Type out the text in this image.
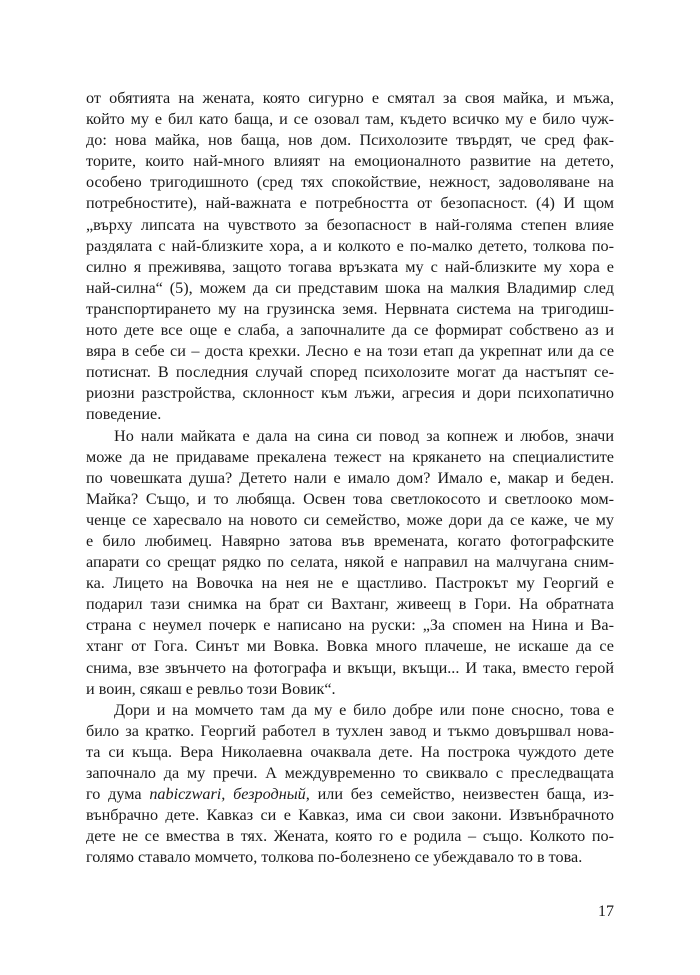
от обятията на жената, която сигурно е смятал за своя майка, и мъжа,
който му е бил като баща, и се озовал там, където всичко му е било чуж-
до: нова майка, нов баща, нов дом. Психолозите твърдят, че сред фак-
торите, които най-много влияят на емоционалното развитие на детето,
особено тригодишното (сред тях спокойствие, нежност, задоволяване на
потребностите), най-важната е потребността от безопасност. (4) И щом
„върху липсата на чувството за безопасност в най-голяма степен влияе
раздялата с най-близките хора, а и колкото е по-малко детето, толкова по-
силно я преживява, защото тогава връзката му с най-близките му хора е
най-силна“ (5), можем да си представим шока на малкия Владимир след
транспортирането му на грузинска земя. Нервната система на тригодиш-
ното дете все още е слаба, а започналите да се формират собствено аз и
вяра в себе си – доста крехки. Лесно е на този етап да укрепнат или да се
потиснат. В последния случай според психолозите могат да настъпят се-
риозни разстройства, склонност към лъжи, агресия и дори психопатично
поведение.
Но нали майката е дала на сина си повод за копнеж и любов, значи
може да не придаваме прекалена тежест на крякането на специалистите
по човешката душа? Детето нали е имало дом? Имало е, макар и беден.
Майка? Също, и то любяща. Освен това светлокосото и светлооко мом-
ченце се харесвало на новото си семейство, може дори да се каже, че му
е било любимец. Навярно затова във времената, когато фотографските
апарати со срещат рядко по селата, някой е направил на малчугана сним-
ка. Лицето на Вовочка на нея не е щастливо. Пастрокът му Георгий е
подарил тази снимка на брат си Вахтанг, живеещ в Гори. На обратната
страна с неумел почерк е написано на руски: „За спомен на Нина и Ва-
хтанг от Гога. Синът ми Вовка. Вовка много плачеше, не искаше да се
снима, взе звънчето на фотографа и вкъщи, вкъщи... И така, вместо герой
и воин, сякаш е ревльо този Вовик“.
Дори и на момчето там да му е било добре или поне сносно, това е
било за кратко. Георгий работел в тухлен завод и тъкмо довършвал нова-
та си къща. Вера Николаевна очаквала дете. На построка чуждото дете
започнало да му пречи. А междувременно то свиквало с преследващата
го дума nabiczwari, безродный, или без семейство, неизвестен баща, из-
вънбрачно дете. Кавказ си е Кавказ, има си свои закони. Извънбрачното
дете не се вмества в тях. Жената, която го е родила – също. Колкото по-
голямо ставало момчето, толкова по-болезнено се убеждавало то в това.
17
